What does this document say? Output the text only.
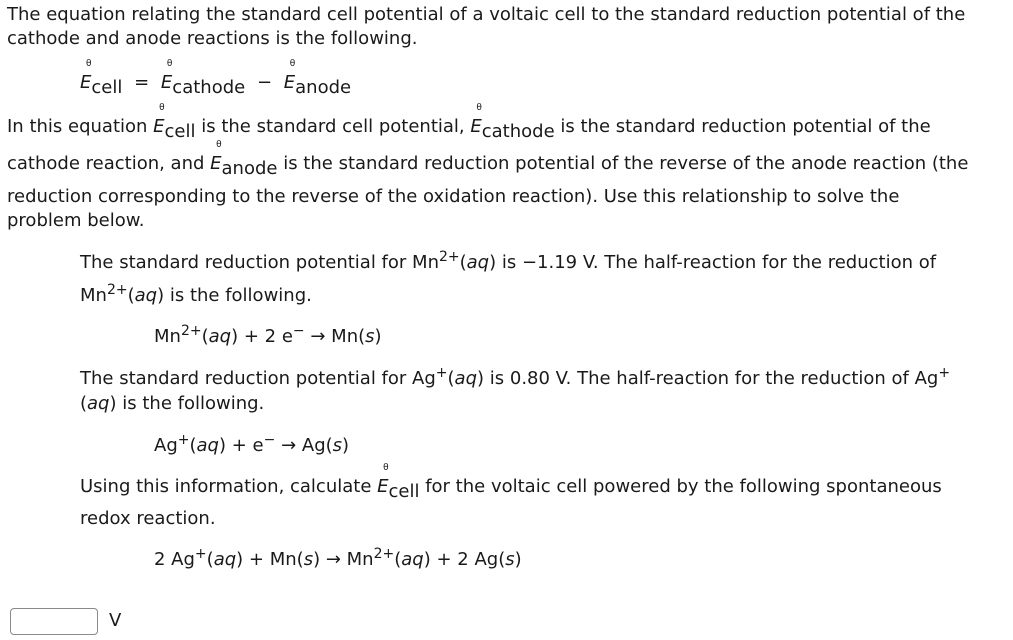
The equation relating the standard cell potential of a voltaic cell to the standard reduction potential of the
cathode and anode reactions is the following.
E
θ
cell = E
θ
cathode − E
θ
anode
In this equation E
θ
cell is the standard cell potential, E
θ
cathode is the standard reduction potential of the
cathode reaction, and E
θ
anode is the standard reduction potential of the reverse of the anode reaction (the
reduction corresponding to the reverse of the oxidation reaction). Use this relationship to solve the
problem below.
The standard reduction potential for $Mn^{2+}(aq)$ is −1.19 V. The half-reaction for the reduction of
$Mn^{2+}(aq)$ is the following.
$Mn^{2+}(aq) + 2$ e− → Mn(s)
The standard reduction potential for Ag+(aq) is 0.80 V. The half-reaction for the reduction of Ag+
(aq) is the following.
Ag+(aq) + e− → Ag(s)
Using this information, calculate E
θ
cell for the voltaic cell powered by the following spontaneous
redox reaction.
2 $Ag^+(aq) + Mn(s) \to Mn^{2+}(aq) + 2$ Ag(s)
V
